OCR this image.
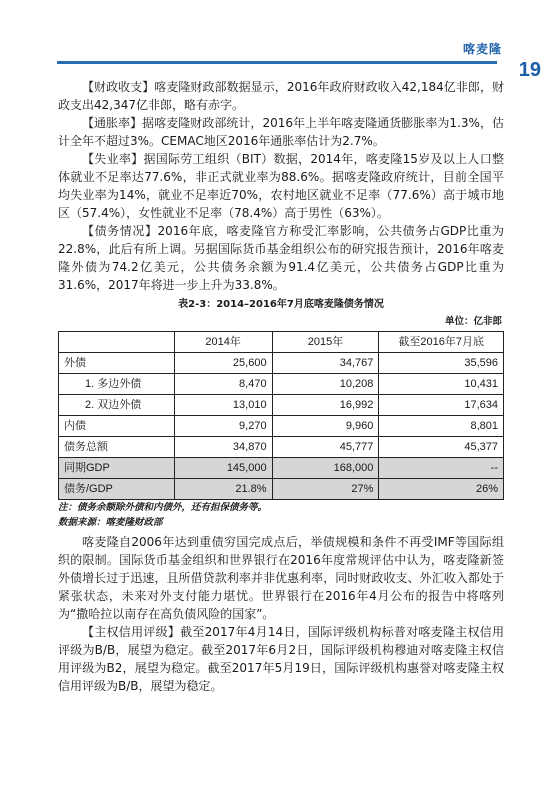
喀麦隆
19

【财政收支】喀麦隆财政部数据显示，2016年政府财政收入42,184亿非郎，财政支出42,347亿非郎，略有赤字。

【通胀率】据喀麦隆财政部统计，2016年上半年喀麦隆通货膨胀率为1.3%，估计全年不超过3%。CEMAC地区2016年通胀率估计为2.7%。

【失业率】据国际劳工组织（BIT）数据，2014年，喀麦隆15岁及以上人口整体就业不足率达77.6%，非正式就业率为88.6%。据喀麦隆政府统计，目前全国平均失业率为14%，就业不足率近70%，农村地区就业不足率（77.6%）高于城市地区（57.4%），女性就业不足率（78.4%）高于男性（63%）。

【债务情况】2016年底，喀麦隆官方称受汇率影响，公共债务占GDP比重为22.8%，此后有所上调。另据国际货币基金组织公布的研究报告预计，2016年喀麦隆外债为74.2亿美元，公共债务余额为91.4亿美元，公共债务占GDP比重为31.6%，2017年将进一步上升为33.8%。

表2-3：2014–2016年7月底喀麦隆债务情况
单位：亿非郎
	2014年	2015年	截至2016年7月底
外债	25,600	34,767	35,596
1. 多边外债	8,470	10,208	10,431
2. 双边外债	13,010	16,992	17,634
内债	9,270	9,960	8,801
债务总额	34,870	45,777	45,377
同期GDP	145,000	168,000	--
债务/GDP	21.8%	27%	26%
注：债务余额除外债和内债外，还有担保债务等。
数据来源：喀麦隆财政部

喀麦隆自2006年达到重债穷国完成点后，举债规模和条件不再受IMF等国际组织的限制。国际货币基金组织和世界银行在2016年度常规评估中认为，喀麦隆新签外债增长过于迅速，且所借贷款利率并非优惠利率，同时财政收支、外汇收入都处于紧张状态，未来对外支付能力堪忧。世界银行在2016年4月公布的报告中将喀列为“撒哈拉以南存在高负债风险的国家”。

【主权信用评级】截至2017年4月14日，国际评级机构标普对喀麦隆主权信用评级为B/B，展望为稳定。截至2017年6月2日，国际评级机构穆迪对喀麦隆主权信用评级为B2，展望为稳定。截至2017年5月19日，国际评级机构惠誉对喀麦隆主权信用评级为B/B，展望为稳定。
